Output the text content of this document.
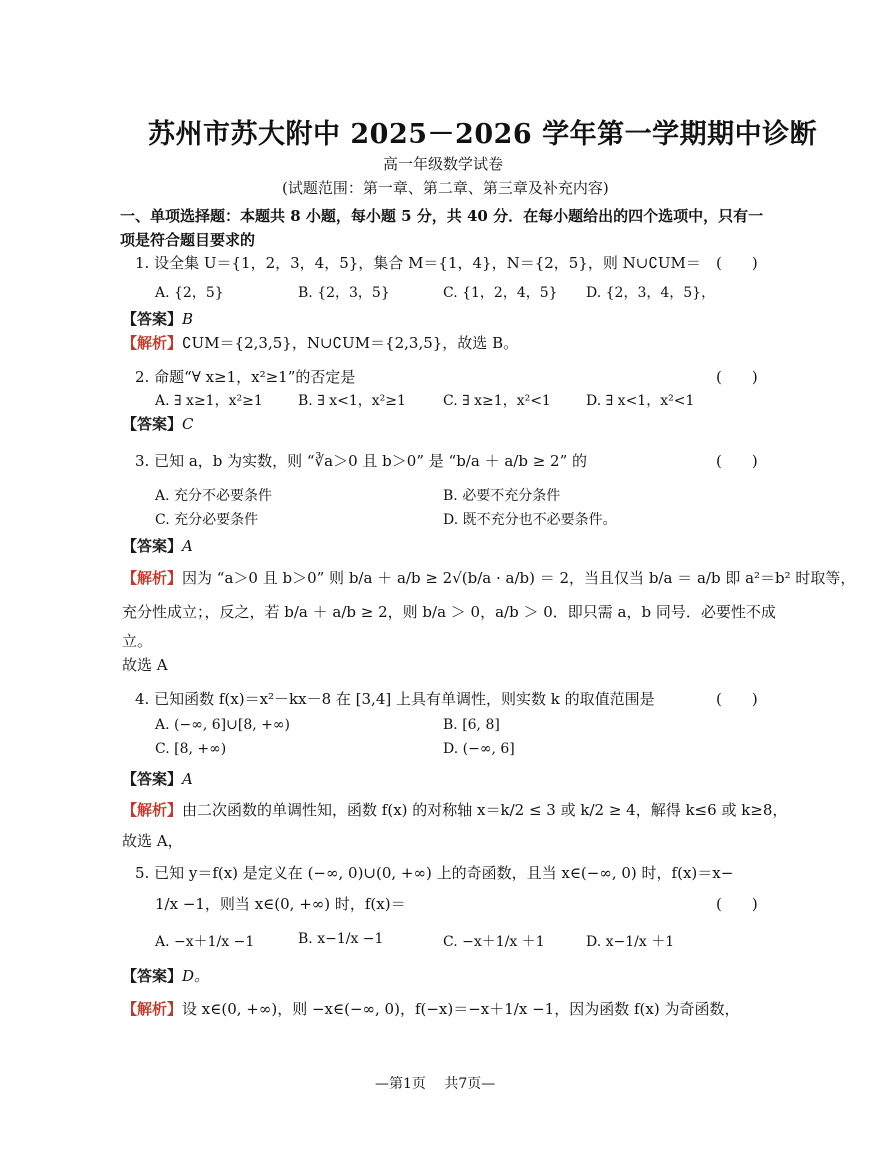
苏州市苏大附中 2025－2026 学年第一学期期中诊断
高一年级数学试卷
(试题范围：第一章、第二章、第三章及补充内容)
一、单项选择题：本题共 8 小题，每小题 5 分，共 40 分．在每小题给出的四个选项中，只有一
项是符合题目要求的
1. 设全集 U＝{1，2，3，4，5}，集合 M＝{1，4}，N＝{2，5}，则 N∪∁UM＝ (　　)
A. {2，5}	B. {2，3，5}	C. {1，2，4，5} D. {2，3，4，5}，
【答案】B
【解析】∁UM＝{2,3,5}，N∪∁UM＝{2,3,5}，故选 B。
2. 命题“∀ x≥1，x²≥1”的否定是	(　　)
A. ∃ x≥1，x²≥1	B. ∃ x<1，x²≥1	C. ∃ x≥1，x²<1	D. ∃ x<1，x²<1
【答案】C
3. 已知 a，b 为实数，则 “∛a＞0 且 b＞0” 是 “b/a ＋ a/b ≥ 2” 的	(　　)
A. 充分不必要条件	B. 必要不充分条件
C. 充分必要条件	D. 既不充分也不必要条件。
【答案】A
【解析】因为 “a＞0 且 b＞0” 则 b/a ＋ a/b ≥ 2√(b/a · a/b) ＝ 2，当且仅当 b/a ＝ a/b 即 a²＝b² 时取等，
充分性成立；，反之，若 b/a ＋ a/b ≥ 2，则 b/a ＞ 0，a/b ＞ 0．即只需 a，b 同号．必要性不成
立。
故选 A
4. 已知函数 f(x)＝x²－kx－8 在 [3,4] 上具有单调性，则实数 k 的取值范围是	(　　)
A. (−∞, 6]∪[8, +∞)	B. [6, 8]
C. [8, +∞)	D. (−∞, 6]
【答案】A
【解析】由二次函数的单调性知，函数 f(x) 的对称轴 x＝k/2 ≤ 3 或 k/2 ≥ 4，解得 k≤6 或 k≥8，
故选 A，
5. 已知 y＝f(x) 是定义在 (−∞, 0)∪(0, +∞) 上的奇函数，且当 x∈(−∞, 0) 时，f(x)＝x−
1/x −1，则当 x∈(0, +∞) 时，f(x)＝	(　　)
A. −x＋1/x −1	B. x−1/x −1	C. −x＋1/x ＋1	D. x−1/x ＋1
【答案】D。
【解析】设 x∈(0, +∞)，则 −x∈(−∞, 0)，f(−x)＝−x＋1/x −1，因为函数 f(x) 为奇函数，
—第1页　 共7页—
